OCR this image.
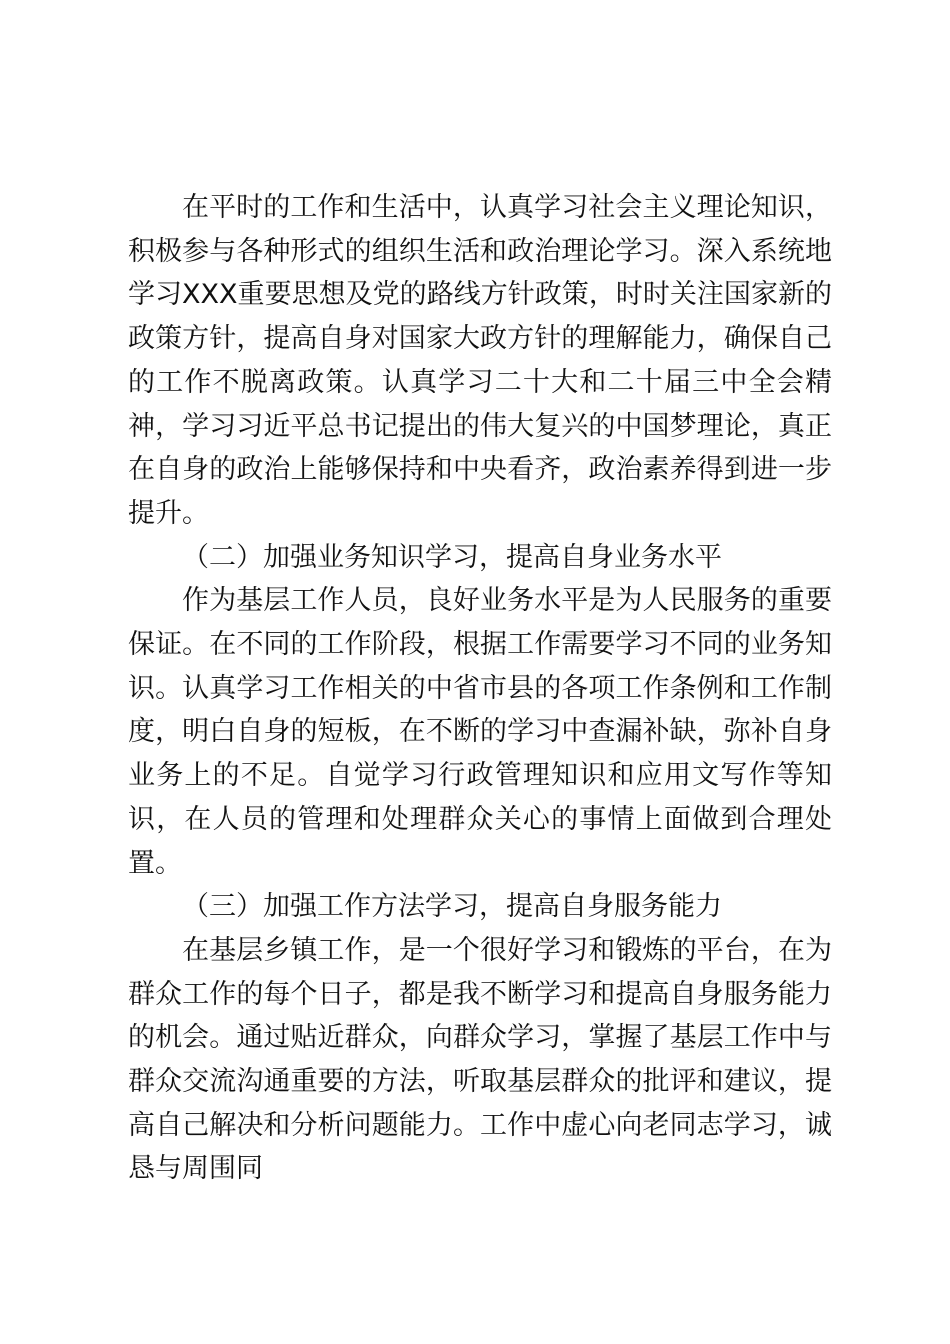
在平时的工作和生活中，认真学习社会主义理论知识，积极参与各种形式的组织生活和政治理论学习。深入系统地学习XXX重要思想及党的路线方针政策，时时关注国家新的政策方针，提高自身对国家大政方针的理解能力，确保自己的工作不脱离政策。认真学习二十大和二十届三中全会精神，学习习近平总书记提出的伟大复兴的中国梦理论，真正在自身的政治上能够保持和中央看齐，政治素养得到进一步提升。

（二）加强业务知识学习，提高自身业务水平

作为基层工作人员，良好业务水平是为人民服务的重要保证。在不同的工作阶段，根据工作需要学习不同的业务知识。认真学习工作相关的中省市县的各项工作条例和工作制度，明白自身的短板，在不断的学习中查漏补缺，弥补自身业务上的不足。自觉学习行政管理知识和应用文写作等知识，在人员的管理和处理群众关心的事情上面做到合理处置。

（三）加强工作方法学习，提高自身服务能力

在基层乡镇工作，是一个很好学习和锻炼的平台，在为群众工作的每个日子，都是我不断学习和提高自身服务能力的机会。通过贴近群众，向群众学习，掌握了基层工作中与群众交流沟通重要的方法，听取基层群众的批评和建议，提高自己解决和分析问题能力。工作中虚心向老同志学习，诚恳与周围同
